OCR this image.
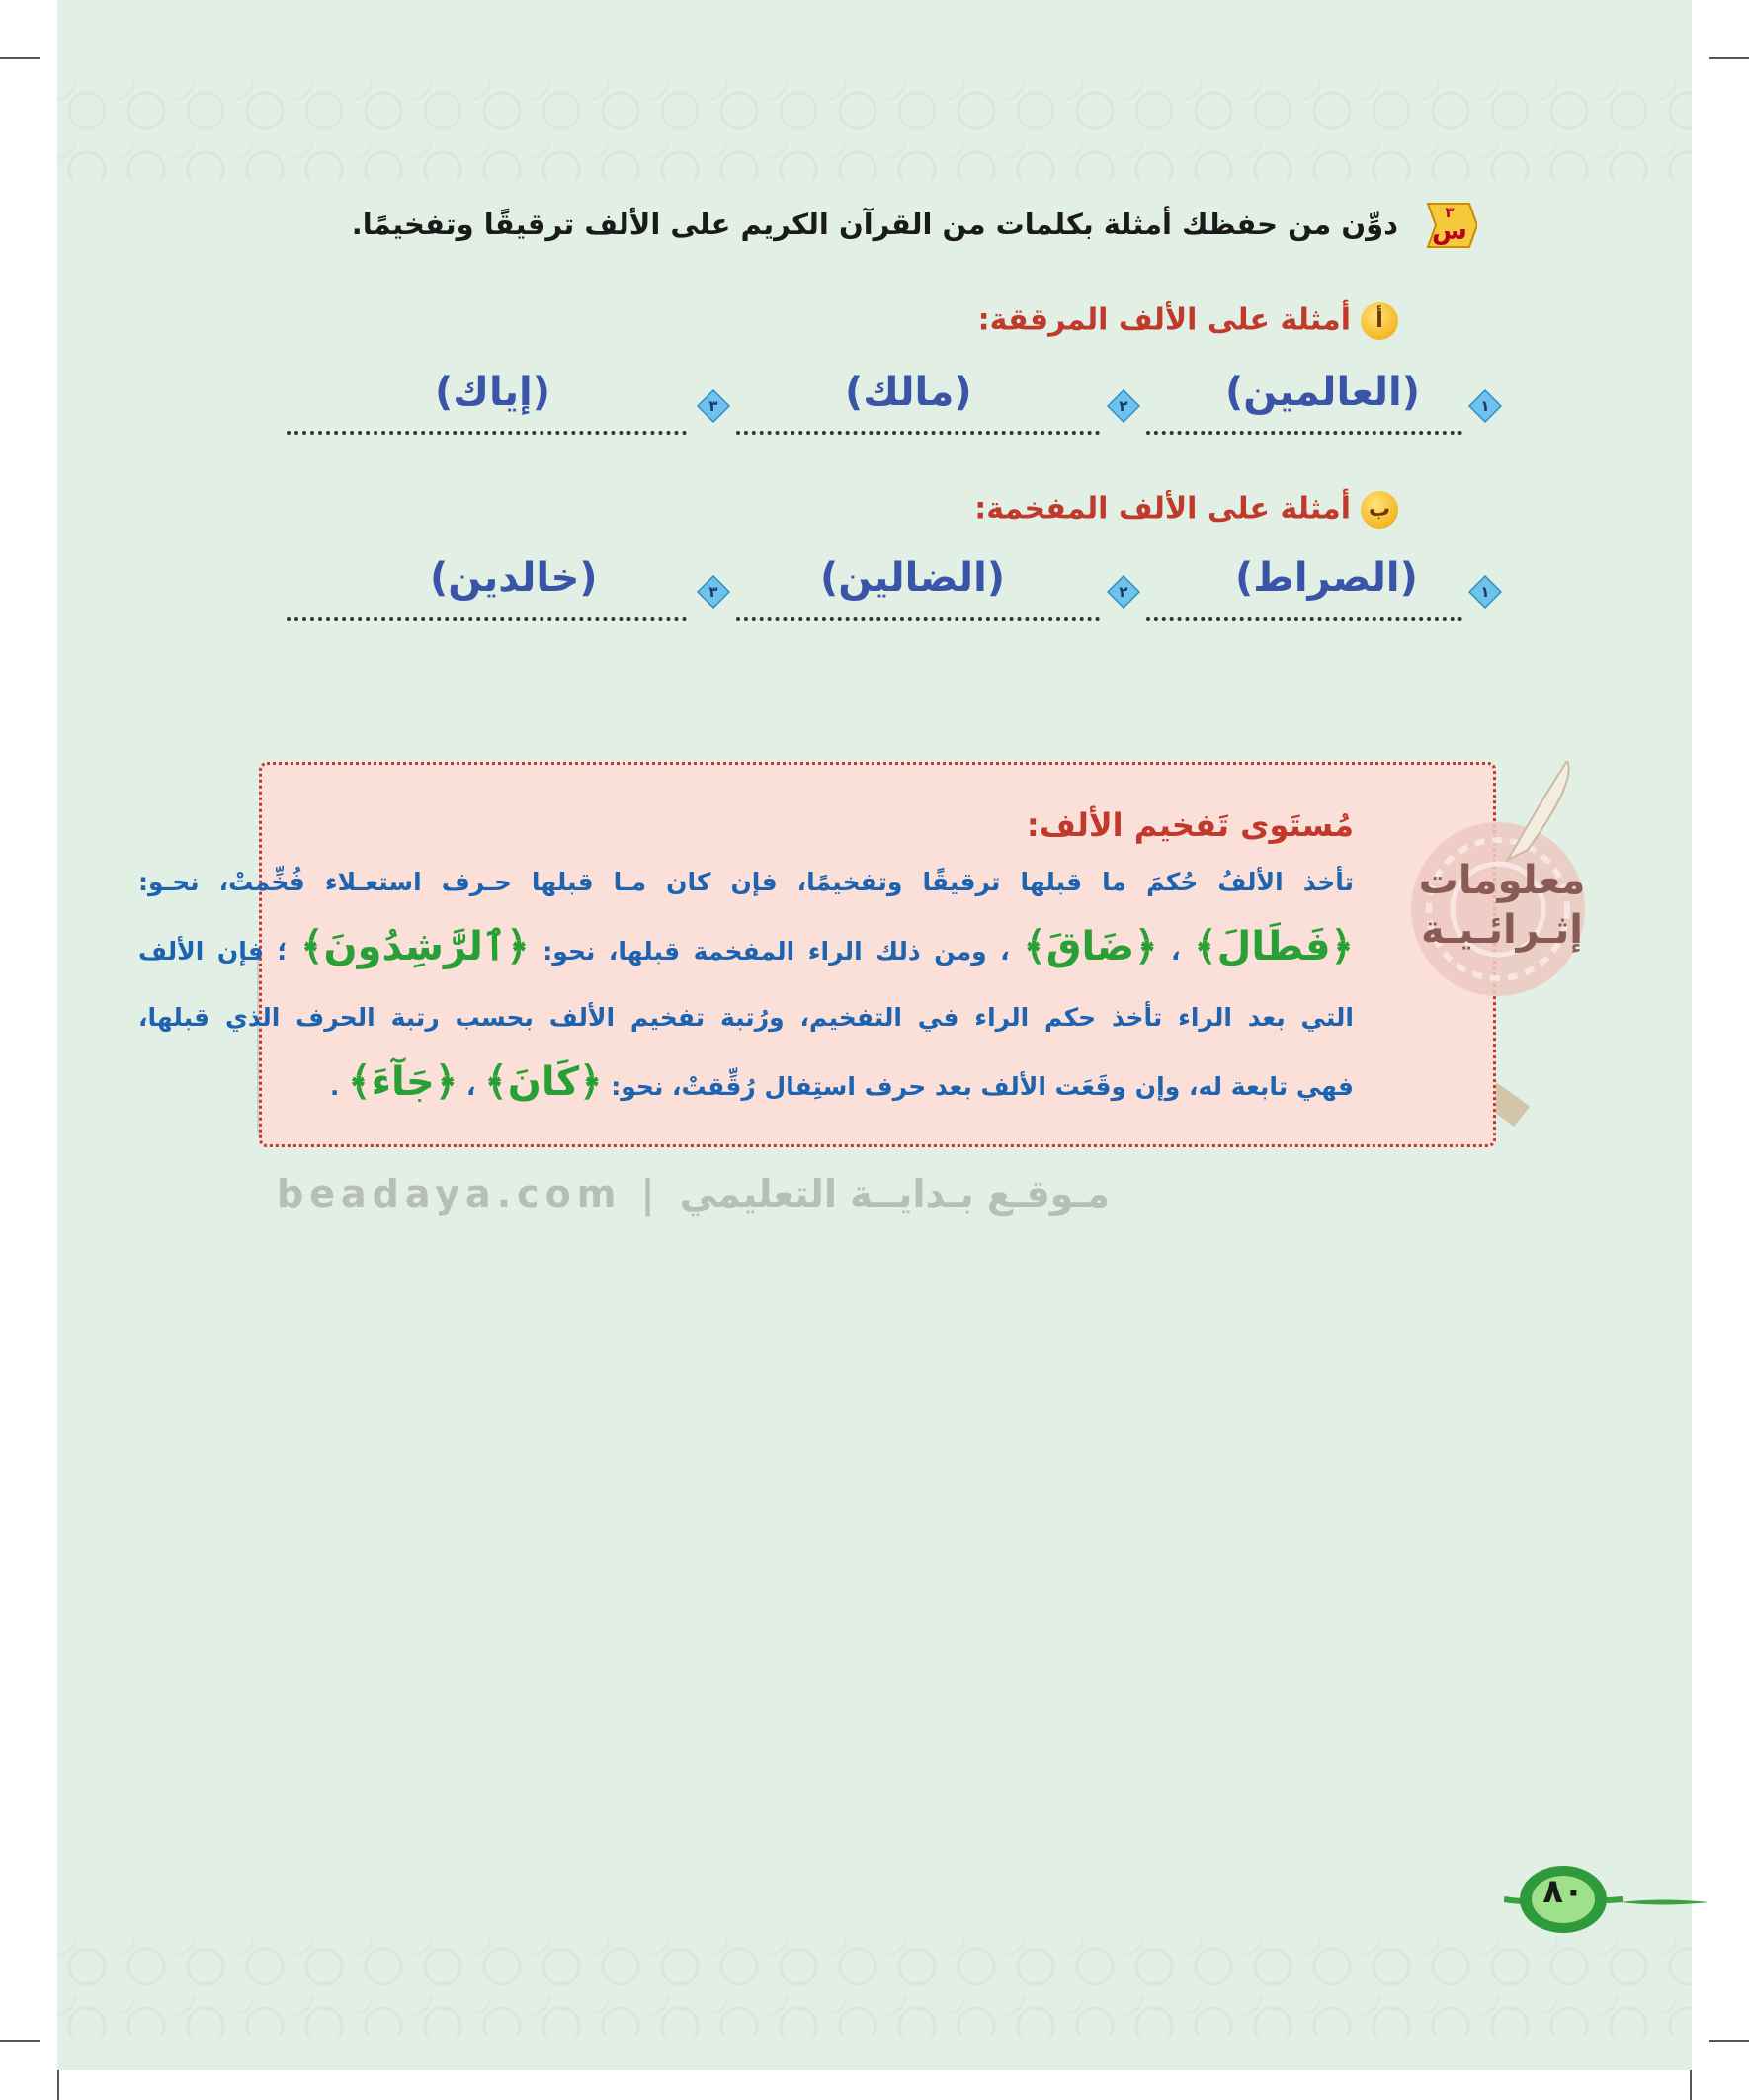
beadaya.com | مـوقـع بـدايــة التعليمي
س
٣
دوِّن من حفظك أمثلة بكلمات من القرآن الكريم على الألف ترقيقًا وتفخيمًا.
أأمثلة على الألف المرققة:
١
(العالمين)
٢
(مالك)
٣
(إياك)
بأمثلة على الألف المفخمة:
١
(الصراط)
٢
(الضالين)
٣
(خالدين)
معلومات
إثـرائـيـة
مُستَوى تَفخيم الألف:
تأخذ الألفُ حُكمَ ما قبلها ترقيقًا وتفخيمًا، فإن كان مـا قبلها حـرف استعـلاء فُخِّمتْ، نحـو:
﴿فَطَالَ﴾ ، ﴿ضَاقَ﴾ ، ومن ذلك الراء المفخمة قبلها، نحو: ﴿ٱلرَّٰشِدُونَ﴾ ؛ فإن الألف
التي بعد الراء تأخذ حكم الراء في التفخيم، ورُتبة تفخيم الألف بحسب رتبة الحرف الذي قبلها،
فهي تابعة له، وإن وقَعَت الألف بعد حرف استِفال رُقِّقتْ، نحو: ﴿كَانَ﴾ ، ﴿جَآءَ﴾ .
٨٠
